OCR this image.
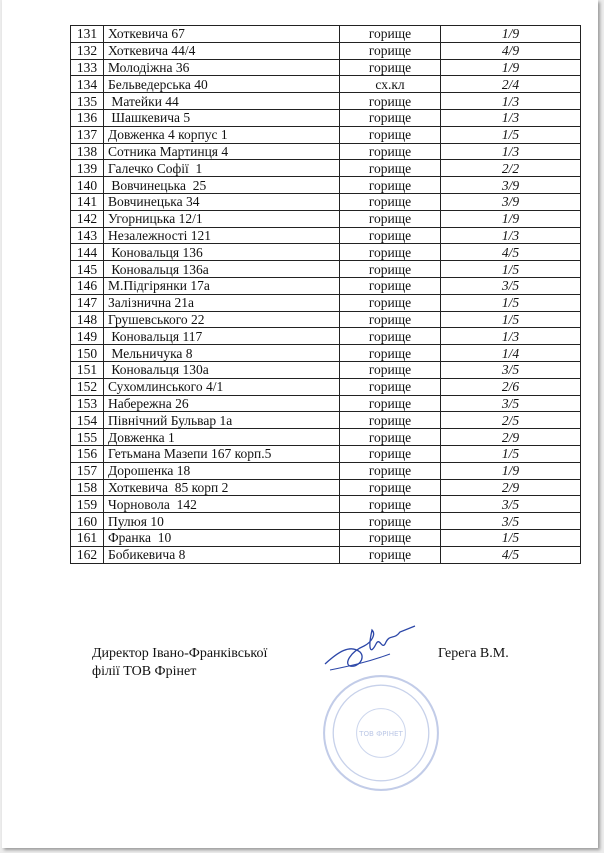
131	Хоткевича 67	горище	1/9
132	Хоткевича 44/4	горище	4/9
133	Молодіжна 36	горище	1/9
134	Бельведерська 40	сх.кл	2/4
135	Матейки 44	горище	1/3
136	Шашкевича 5	горище	1/3
137	Довженка 4 корпус 1	горище	1/5
138	Сотника Мартинця 4	горище	1/3
139	Галечко Софії  1	горище	2/2
140	Вовчинецька  25	горище	3/9
141	Вовчинецька 34	горище	3/9
142	Угорницька 12/1	горище	1/9
143	Незалежності 121	горище	1/3
144	Коновальця 136	горище	4/5
145	Коновальця 136а	горище	1/5
146	М.Підгірянки 17а	горище	3/5
147	Залізнична 21а	горище	1/5
148	Грушевського 22	горище	1/5
149	Коновальця 117	горище	1/3
150	Мельничука 8	горище	1/4
151	Коновальця 130а	горище	3/5
152	Сухомлинського 4/1	горище	2/6
153	Набережна 26	горище	3/5
154	Північний Бульвар 1а	горище	2/5
155	Довженка 1	горище	2/9
156	Гетьмана Мазепи 167 корп.5	горище	1/5
157	Дорошенка 18	горище	1/9
158	Хоткевича  85 корп 2	горище	2/9
159	Чорновола  142	горище	3/5
160	Пулюя 10	горище	3/5
161	Франка  10	горище	1/5
162	Бобикевича 8	горище	4/5
Директор Івано-Франківської
філії ТОВ Фрінет
ТОВ ФРІНЕТ
Герега В.М.
